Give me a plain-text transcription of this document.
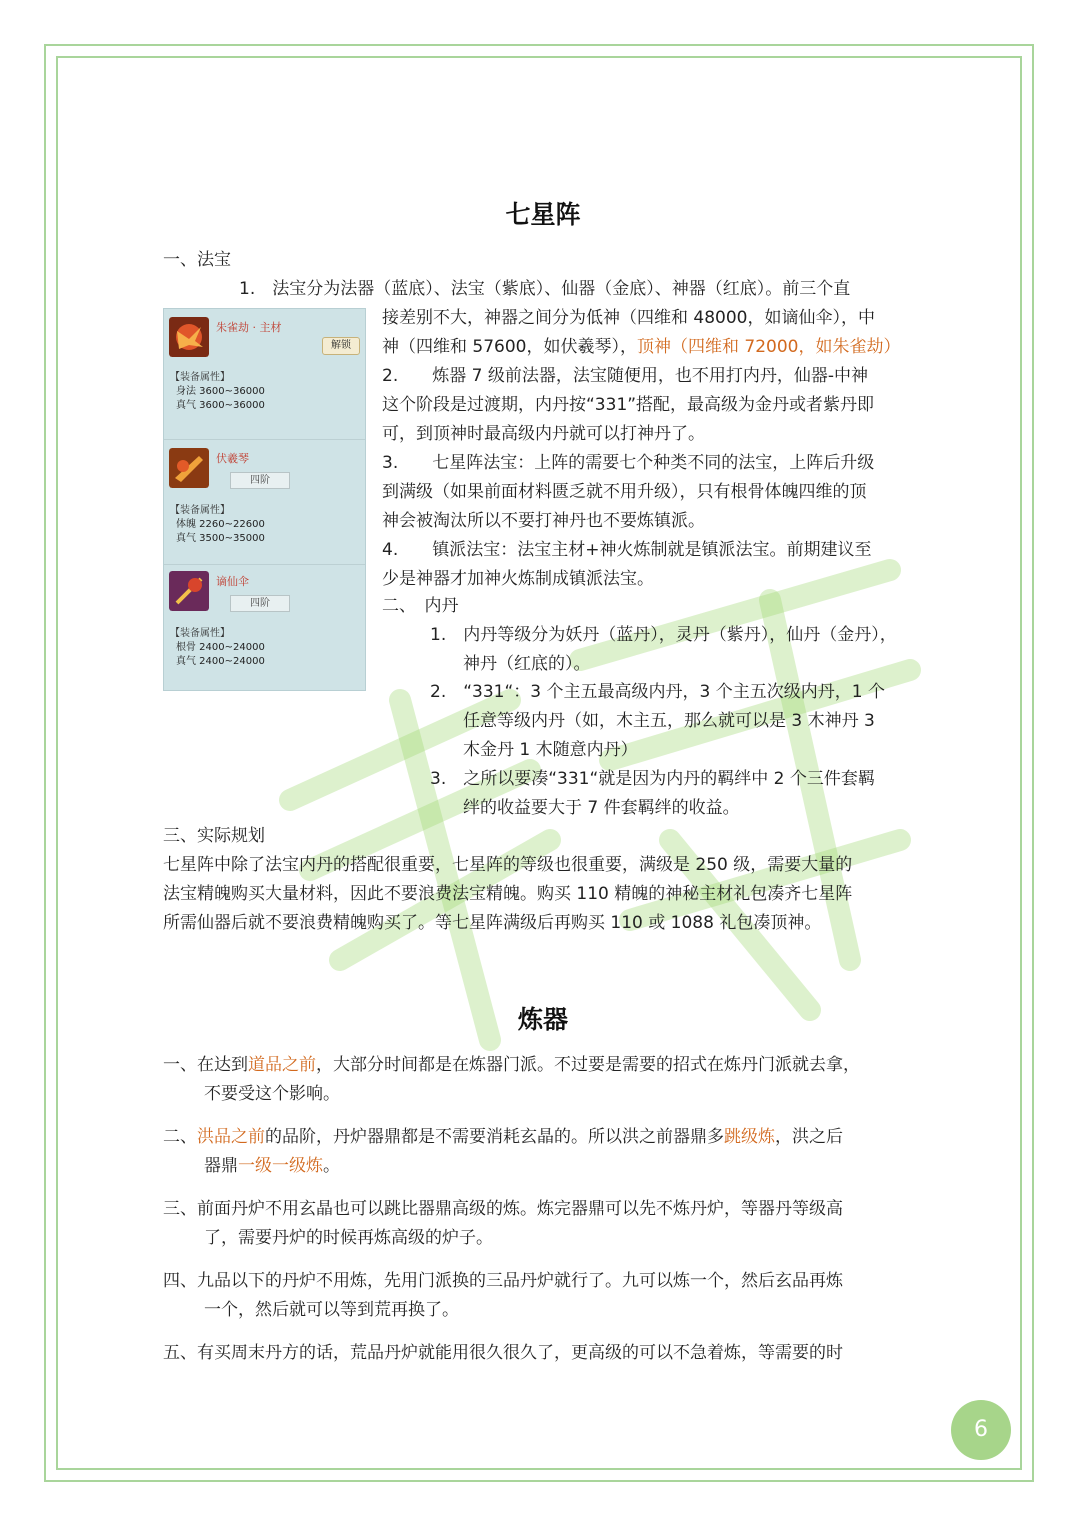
七星阵
一、法宝
1.　法宝分为法器（蓝底）、法宝（紫底）、仙器（金底）、神器（红底）。前三个直
接差别不大，神器之间分为低神（四维和 48000，如谪仙伞），中
神（四维和 57600，如伏羲琴），顶神（四维和 72000，如朱雀劫）
2.　　炼器 7 级前法器，法宝随便用，也不用打内丹，仙器-中神
这个阶段是过渡期，内丹按“331”搭配，最高级为金丹或者紫丹即
可，到顶神时最高级内丹就可以打神丹了。
3.　　七星阵法宝：上阵的需要七个种类不同的法宝，上阵后升级
到满级（如果前面材料匮乏就不用升级），只有根骨体魄四维的顶
神会被淘汰所以不要打神丹也不要炼镇派。
4.　　镇派法宝：法宝主材+神火炼制就是镇派法宝。前期建议至
少是神器才加神火炼制成镇派法宝。
二、　内丹
1.　内丹等级分为妖丹（蓝丹），灵丹（紫丹），仙丹（金丹），
神丹（红底的）。
2.　“331“：3 个主五最高级内丹，3 个主五次级内丹，1 个
任意等级内丹（如，木主五，那么就可以是 3 木神丹 3
木金丹 1 木随意内丹）
3.　之所以要凑“331“就是因为内丹的羁绊中 2 个三件套羁
绊的收益要大于 7 件套羁绊的收益。
三、实际规划
七星阵中除了法宝内丹的搭配很重要，七星阵的等级也很重要，满级是 250 级，需要大量的
法宝精魄购买大量材料，因此不要浪费法宝精魄。购买 110 精魄的神秘主材礼包凑齐七星阵
所需仙器后就不要浪费精魄购买了。等七星阵满级后再购买 110 或 1088 礼包凑顶神。
炼器
一、在达到道品之前，大部分时间都是在炼器门派。不过要是需要的招式在炼丹门派就去拿，
不要受这个影响。
二、洪品之前的品阶，丹炉器鼎都是不需要消耗玄晶的。所以洪之前器鼎多跳级炼，洪之后
器鼎一级一级炼。
三、前面丹炉不用玄晶也可以跳比器鼎高级的炼。炼完器鼎可以先不炼丹炉，等器丹等级高
了，需要丹炉的时候再炼高级的炉子。
四、九品以下的丹炉不用炼，先用门派换的三品丹炉就行了。九可以炼一个，然后玄品再炼
一个，然后就可以等到荒再换了。
五、有买周末丹方的话，荒品丹炉就能用很久很久了，更高级的可以不急着炼，等需要的时
朱雀劫 · 主材
解锁
【装备属性】
身法 3600~36000
真气 3600~36000
伏羲琴
四阶
【装备属性】
体魄 2260~22600
真气 3500~35000
谪仙伞
四阶
【装备属性】
根骨 2400~24000
真气 2400~24000
6
